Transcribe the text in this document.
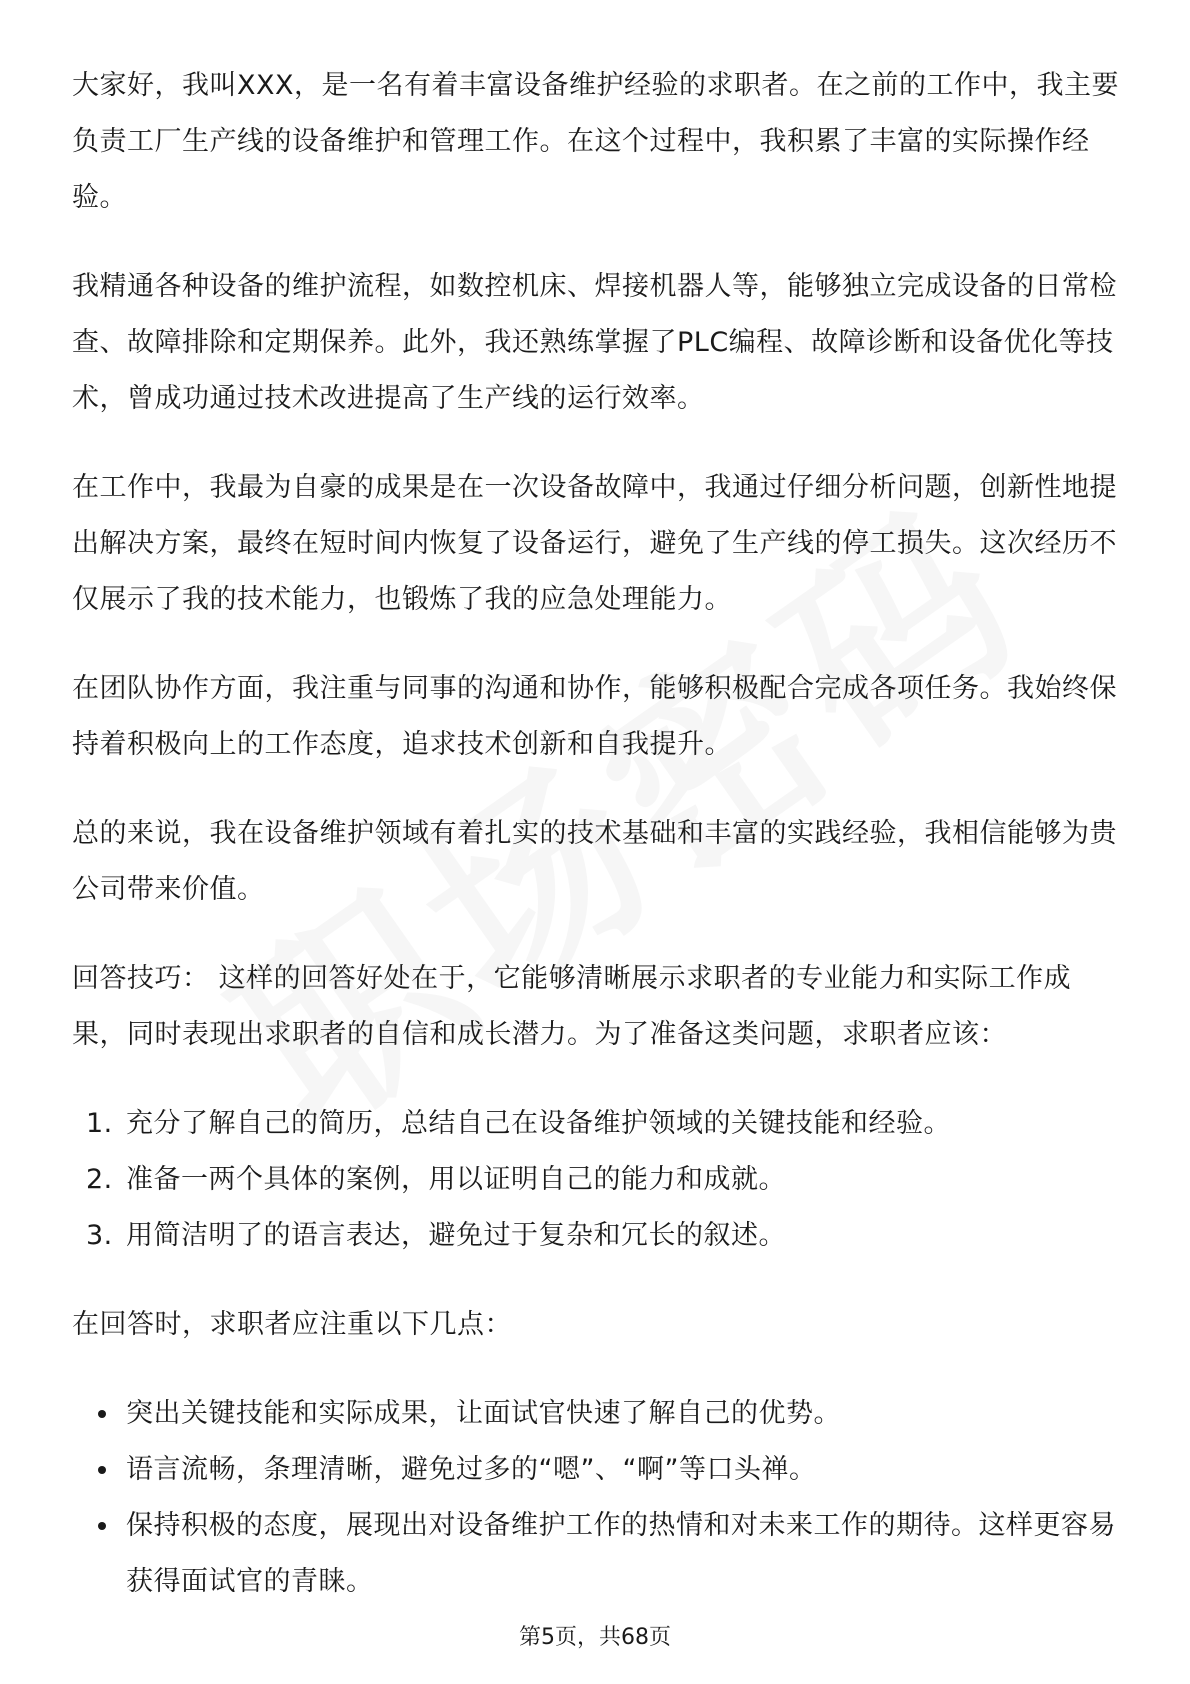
大家好，我叫XXX，是一名有着丰富设备维护经验的求职者。在之前的工作中，我主要负责工厂生产线的设备维护和管理工作。在这个过程中，我积累了丰富的实际操作经验。

我精通各种设备的维护流程，如数控机床、焊接机器人等，能够独立完成设备的日常检查、故障排除和定期保养。此外，我还熟练掌握了PLC编程、故障诊断和设备优化等技术，曾成功通过技术改进提高了生产线的运行效率。

在工作中，我最为自豪的成果是在一次设备故障中，我通过仔细分析问题，创新性地提出解决方案，最终在短时间内恢复了设备运行，避免了生产线的停工损失。这次经历不仅展示了我的技术能力，也锻炼了我的应急处理能力。

在团队协作方面，我注重与同事的沟通和协作，能够积极配合完成各项任务。我始终保持着积极向上的工作态度，追求技术创新和自我提升。

总的来说，我在设备维护领域有着扎实的技术基础和丰富的实践经验，我相信能够为贵公司带来价值。

回答技巧： 这样的回答好处在于，它能够清晰展示求职者的专业能力和实际工作成果，同时表现出求职者的自信和成长潜力。为了准备这类问题，求职者应该：

1. 充分了解自己的简历，总结自己在设备维护领域的关键技能和经验。
2. 准备一两个具体的案例，用以证明自己的能力和成就。
3. 用简洁明了的语言表达，避免过于复杂和冗长的叙述。

在回答时，求职者应注重以下几点：

突出关键技能和实际成果，让面试官快速了解自己的优势。
语言流畅，条理清晰，避免过多的“嗯”、“啊”等口头禅。
保持积极的态度，展现出对设备维护工作的热情和对未来工作的期待。这样更容易获得面试官的青睐。
第5页，共68页
